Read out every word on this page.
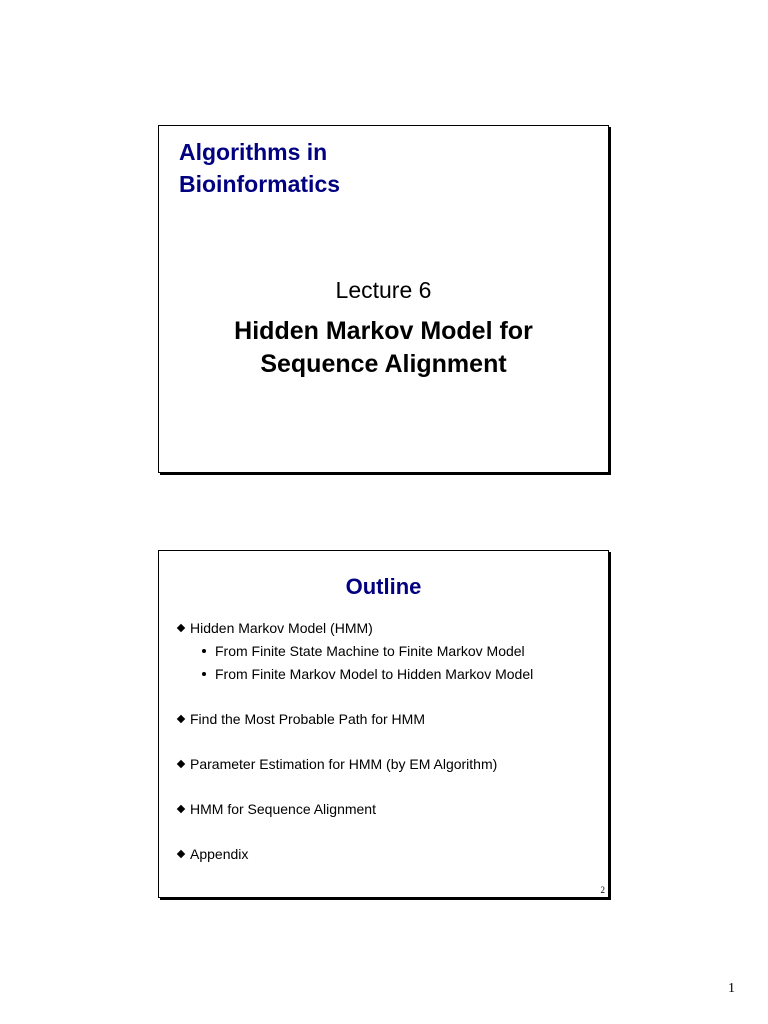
Algorithms in
Bioinformatics
Lecture 6
Hidden Markov Model for
Sequence Alignment
Outline
Hidden Markov Model (HMM)
From Finite State Machine to Finite Markov Model
From Finite Markov Model to Hidden Markov Model
Find the Most Probable Path for HMM
Parameter Estimation for HMM (by EM Algorithm)
HMM for Sequence Alignment
Appendix
2
1
